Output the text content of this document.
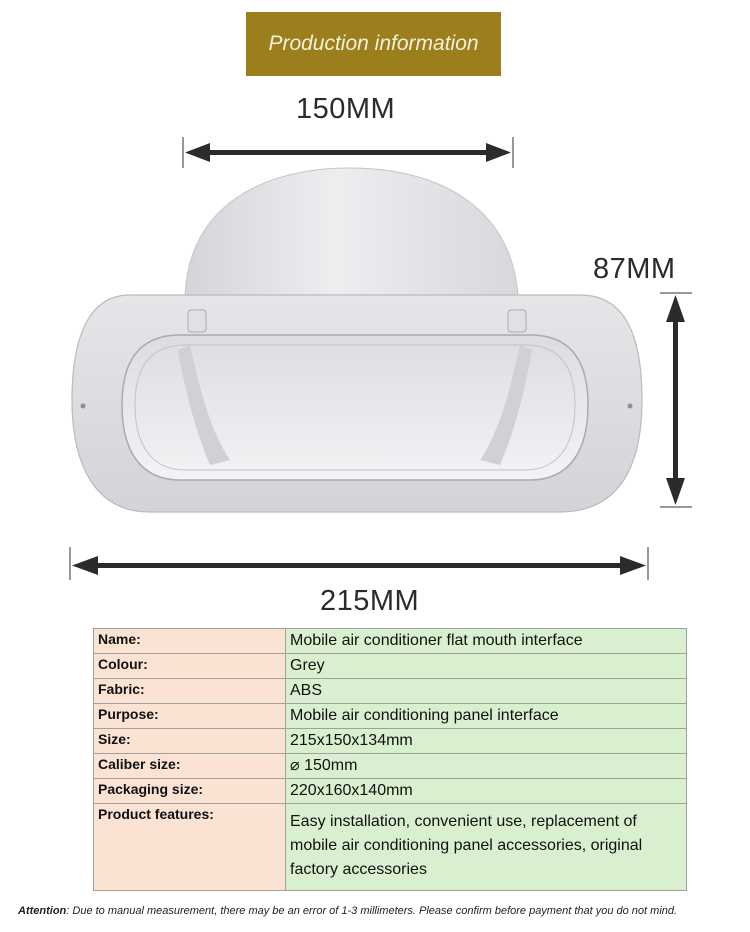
Production information
150MM
87MM
215MM
Name:	Mobile air conditioner flat mouth interface
Colour:	Grey
Fabric:	ABS
Purpose:	Mobile air conditioning panel interface
Size:	215x150x134mm
Caliber size:	⌀ 150mm
Packaging size:	220x160x140mm
Product features:	Easy installation, convenient use, replacement of mobile air conditioning panel accessories, original factory accessories
Attention: Due to manual measurement, there may be an error of 1-3 millimeters. Please confirm before payment that you do not mind.
